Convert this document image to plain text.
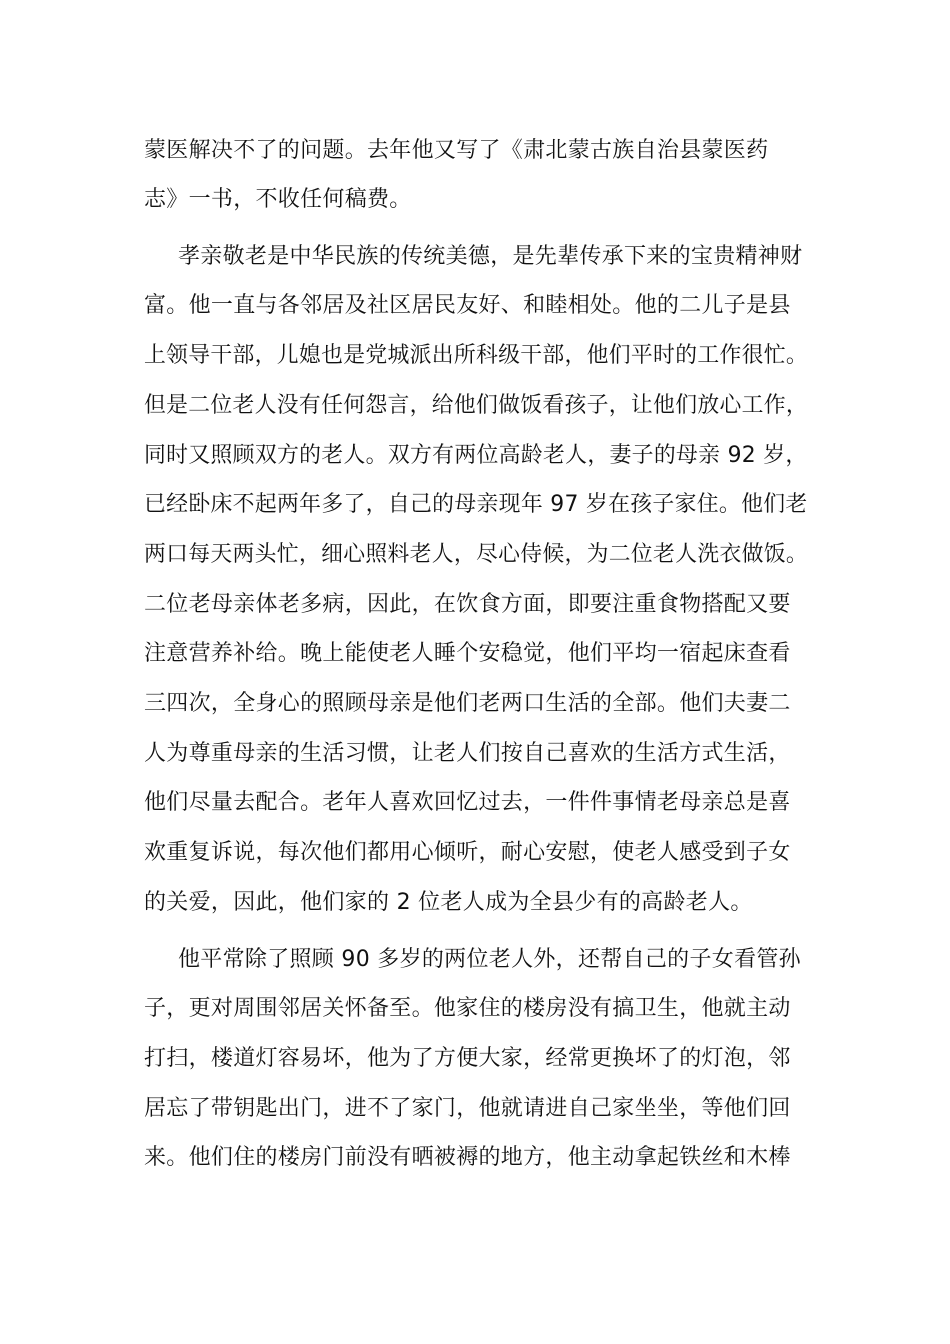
蒙医解决不了的问题。去年他又写了《肃北蒙古族自治县蒙医药
志》一书，不收任何稿费。
孝亲敬老是中华民族的传统美德，是先辈传承下来的宝贵精神财
富。他一直与各邻居及社区居民友好、和睦相处。他的二儿子是县
上领导干部，儿媳也是党城派出所科级干部，他们平时的工作很忙。
但是二位老人没有任何怨言，给他们做饭看孩子，让他们放心工作，
同时又照顾双方的老人。双方有两位高龄老人，妻子的母亲 92 岁，
已经卧床不起两年多了，自己的母亲现年 97 岁在孩子家住。他们老
两口每天两头忙，细心照料老人，尽心侍候，为二位老人洗衣做饭。
二位老母亲体老多病，因此，在饮食方面，即要注重食物搭配又要
注意营养补给。晚上能使老人睡个安稳觉，他们平均一宿起床查看
三四次，全身心的照顾母亲是他们老两口生活的全部。他们夫妻二
人为尊重母亲的生活习惯，让老人们按自己喜欢的生活方式生活，
他们尽量去配合。老年人喜欢回忆过去，一件件事情老母亲总是喜
欢重复诉说，每次他们都用心倾听，耐心安慰，使老人感受到子女
的关爱，因此，他们家的 2 位老人成为全县少有的高龄老人。
他平常除了照顾 90 多岁的两位老人外，还帮自己的子女看管孙
子，更对周围邻居关怀备至。他家住的楼房没有搞卫生，他就主动
打扫，楼道灯容易坏，他为了方便大家，经常更换坏了的灯泡，邻
居忘了带钥匙出门，进不了家门，他就请进自己家坐坐，等他们回
来。他们住的楼房门前没有晒被褥的地方，他主动拿起铁丝和木棒
